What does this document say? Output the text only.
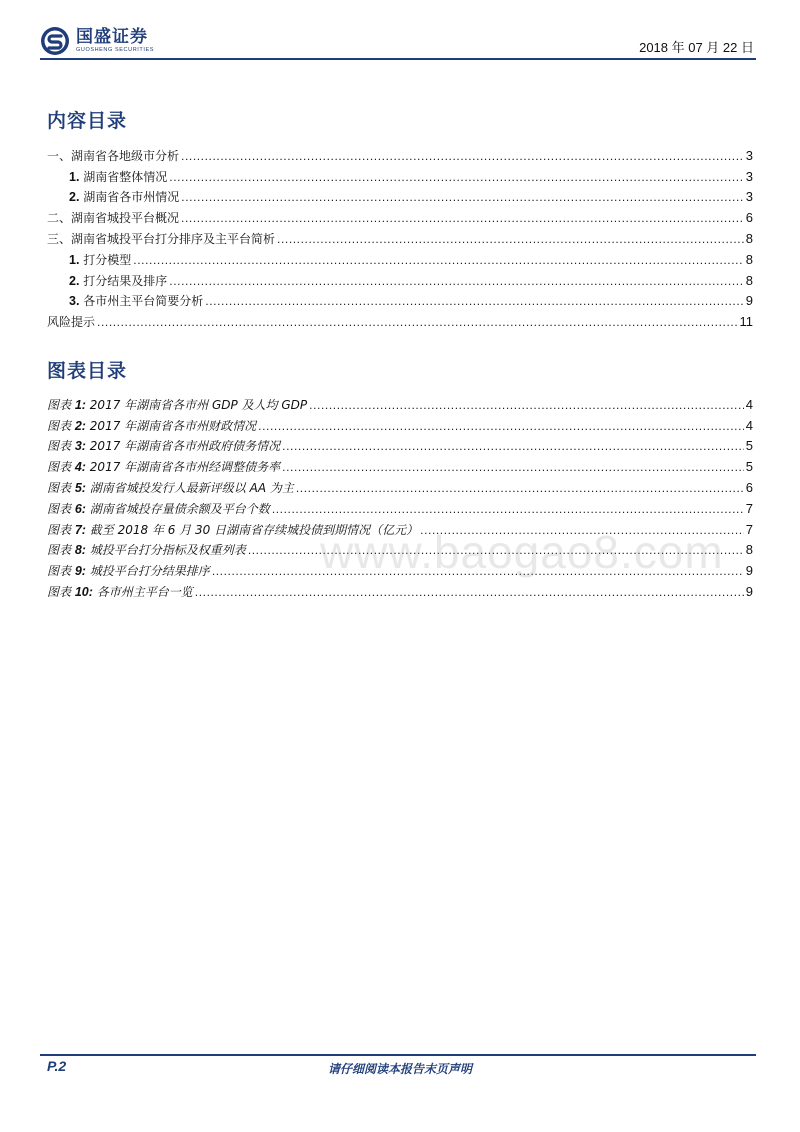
国盛证券
GUOSHENG SECURITIES	2018 年 07 月 22 日
内容目录
一、湖南省各地级市分析 .....	3
1. 湖南省整体情况 .....	3
2. 湖南省各市州情况 .....	3
二、湖南省城投平台概况 .....	6
三、湖南省城投平台打分排序及主平台简析 .....	8
1. 打分模型 .....	8
2. 打分结果及排序 .....	8
3. 各市州主平台简要分析 .....	9
风险提示 .....	11
图表目录
图表 1: 2017 年湖南省各市州 GDP 及人均 GDP .....	4
图表 2: 2017 年湖南省各市州财政情况 .....	4
图表 3: 2017 年湖南省各市州政府债务情况 .....	5
图表 4: 2017 年湖南省各市州经调整债务率 .....	5
图表 5: 湖南省城投发行人最新评级以 AA 为主 .....	6
图表 6: 湖南省城投存量债余额及平台个数 .....	7
图表 7: 截至 2018 年 6 月 30 日湖南省存续城投债到期情况（亿元） .....	7
图表 8: 城投平台打分指标及权重列表 .....	8
图表 9: 城投平台打分结果排序 .....	9
图表 10: 各市州主平台一览 .....	9
www.baogao8.com
P.2	请仔细阅读本报告末页声明
